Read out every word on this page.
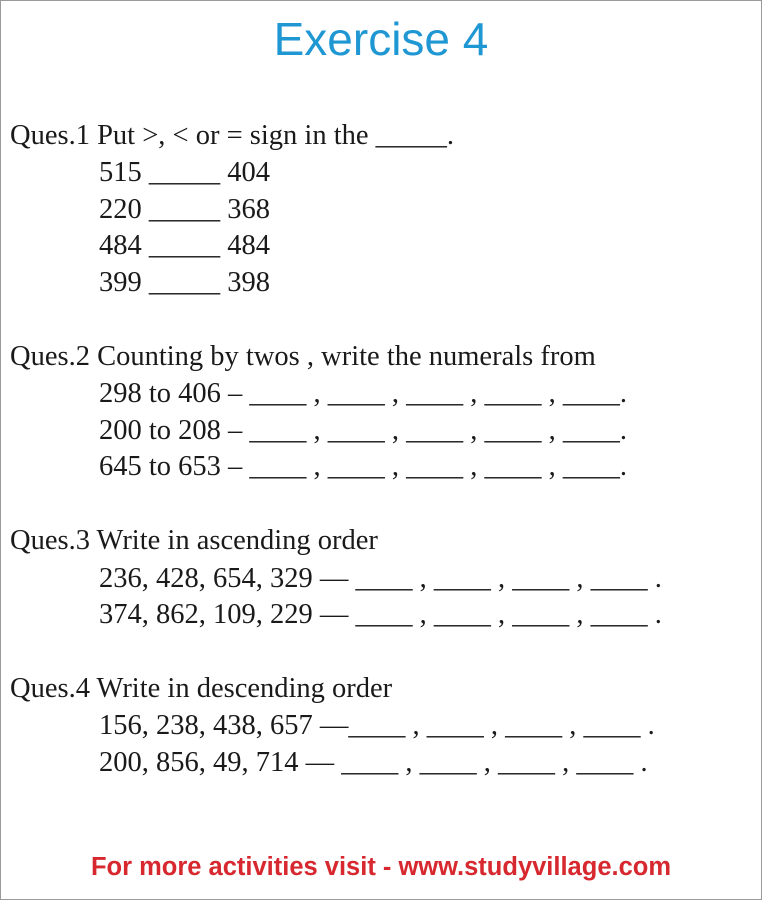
Exercise 4
Ques.1 Put >, < or = sign in the _____.
515 _____ 404
220 _____ 368
484 _____ 484
399 _____ 398
Ques.2 Counting by twos , write the numerals from
298 to 406 – ____ , ____ , ____ , ____ , ____.
200 to 208 – ____ , ____ , ____ , ____ , ____.
645 to 653 – ____ , ____ , ____ , ____ , ____.
Ques.3 Write in ascending order
236, 428, 654, 329 — ____ , ____ , ____ , ____ .
374, 862, 109, 229 — ____ , ____ , ____ , ____ .
Ques.4 Write in descending order
156, 238, 438, 657 —____ , ____ , ____ , ____ .
200, 856, 49, 714 — ____ , ____ , ____ , ____ .
For more activities visit - www.studyvillage.com
